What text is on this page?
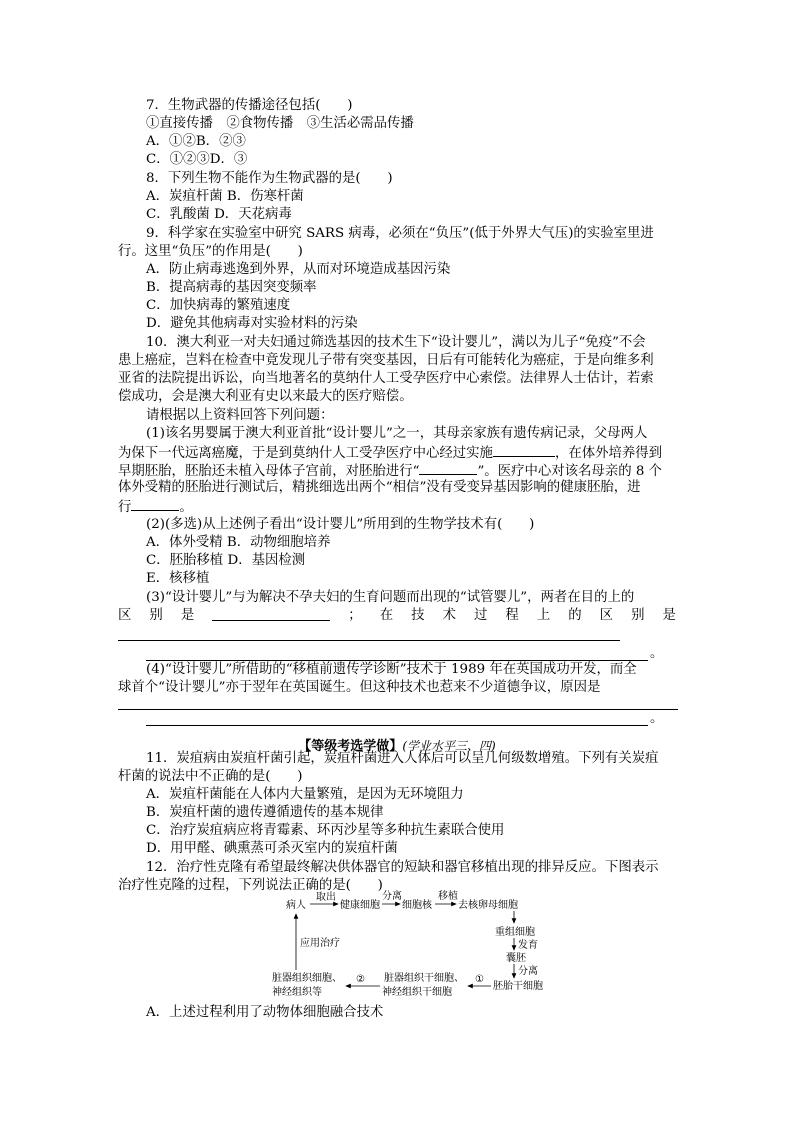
7．生物武器的传播途径包括(　　)
①直接传播　②食物传播　③生活必需品传播
A．①②B．②③
C．①②③D．③
8．下列生物不能作为生物武器的是(　　)
A．炭疽杆菌 B．伤寒杆菌
C．乳酸菌 D．天花病毒
9．科学家在实验室中研究 SARS 病毒，必须在“负压”(低于外界大气压)的实验室里进
行。这里“负压”的作用是(　　)
A．防止病毒逃逸到外界，从而对环境造成基因污染
B．提高病毒的基因突变频率
C．加快病毒的繁殖速度
D．避免其他病毒对实验材料的污染
10．澳大利亚一对夫妇通过筛选基因的技术生下“设计婴儿”，满以为儿子“免疫”不会
患上癌症，岂料在检查中竟发现儿子带有突变基因，日后有可能转化为癌症，于是向维多利
亚省的法院提出诉讼，向当地著名的莫纳什人工受孕医疗中心索偿。法律界人士估计，若索
偿成功，会是澳大利亚有史以来最大的医疗赔偿。
请根据以上资料回答下列问题：
(1)该名男婴属于澳大利亚首批“设计婴儿”之一，其母亲家族有遗传病记录，父母两人
为保下一代远离癌魔，于是到莫纳什人工受孕医疗中心经过实施	，在体外培养得到
早期胚胎，胚胎还未植入母体子宫前，对胚胎进行“	”。医疗中心对该名母亲的 8 个
体外受精的胚胎进行测试后，精挑细选出两个“相信”没有受变异基因影响的健康胚胎，进
行	。
(2)(多选)从上述例子看出“设计婴儿”所用到的生物学技术有(　　)
A．体外受精 B．动物细胞培养
C．胚胎移植 D．基因检测
E．核移植
(3)“设计婴儿”与为解决不孕夫妇的生育问题而出现的“试管婴儿”，两者在目的上的
区 别 是	； 在 技 术 过 程 上 的 区 别 是
。
(4)“设计婴儿”所借助的“移植前遗传学诊断”技术于 1989 年在英国成功开发，而全
球首个“设计婴儿”亦于翌年在英国诞生。但这种技术也惹来不少道德争议，原因是
。
【等级考选学做】(学业水平三、四)
11．炭疽病由炭疽杆菌引起，炭疽杆菌进入人体后可以呈几何级数增殖。下列有关炭疽
杆菌的说法中不正确的是(　　)
A．炭疽杆菌能在人体内大量繁殖，是因为无环境阻力
B．炭疽杆菌的遗传遵循遗传的基本规律
C．治疗炭疽病应将青霉素、环丙沙星等多种抗生素联合使用
D．用甲醛、碘熏蒸可杀灭室内的炭疽杆菌
12．治疗性克隆有希望最终解决供体器官的短缺和器官移植出现的排异反应。下图表示
治疗性克隆的过程，下列说法正确的是(　　)
病人
取出
健康细胞
分离
细胞核
移植
去核卵母细胞
重组细胞
发育
囊胚
分离
胚胎干细胞
①
脏器组织干细胞、
神经组织干细胞
②
脏器组织细胞、
神经组织等
应用治疗
A．上述过程利用了动物体细胞融合技术
